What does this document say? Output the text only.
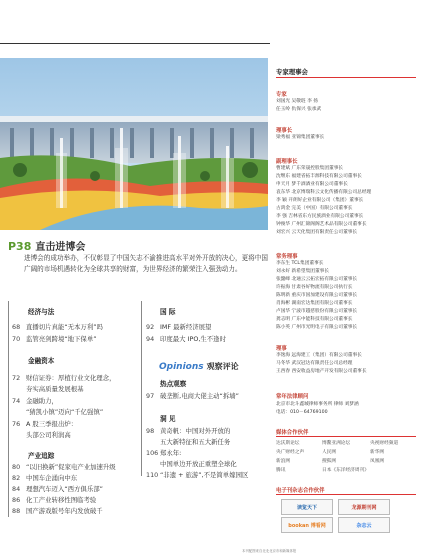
P38 直击进博会
进博会的成功举办，不仅彰显了中国矢志不渝推进高水平对外开放的决心，更将中国广阔的市场机遇转化为全球共享的财富，为世界经济的繁荣注入强劲动力。
经济与法
68 直播切片真能“无本万利”吗
70 监管亮剑跨境“地下保单”
金融资本
72 财信证券：厚植行业文化理念，
夯实高质量发展根基
74 金融助力，
“猜凯小镇”迈向“千亿强镇”
76 A 股三季报出炉：
头部公司利润高
产业追踪
80 “以旧换新”促家电产业加速升级
82 中国车企涌向中东
84 理想汽车迈入“西方俱乐部”
86 化工产业转移性图临考验
88 国产游戏版号年内发放破千
国 际
92 IMF 最新经济展望
94 印度最大 IPO,生不逢时
Opinions 观察评论
热点观察
97 破垄断,电商大佬主动“拆墙”
洞 见
98 黄奇帆：中国对外开放的
五大新特征和五大新任务
106 郑永年:
中国单边开放正重塑全球化
110 “非遗 + 旅游”,不是简单嫁园区
本刊配图来自北北北京市和新媒体报
专家理事会
专家
刘国光 吴敬琏 李 扬
任玉岭 仇保兴 张承武
理事长
梁秀福 亚锦集团董事长
副理事长
曹建斌 广东荣晟控股集团董事长
沈继东 福建省拓丰源科技有限公司董事长
申天月 梦千酒酒业有限公司董事长
袁东华 北京博瑞科云文化传播有限公司总经理
李 颖 开朗好企业有限公司（集团）董事长
古鸿金 完美（中国）有限公司董事长
李 强 吉林省东方民族酒业有限公司董事长
钟俊华 广州汇锦阁阁艺术品有限公司董事长
刘宏兴 云天化集团有限责任公司董事长
常务理事
李东生 TCL集团董事长
刘永好 新希望集团董事长
张懿峰 北通云云拓宏拓有限公司董事长
许振海 甘肃谷好物流有限公司执行长
陈明新 重庆市国加建设有限公司董事长
肖海彬 湖南宏达集团有限公司董事长
卢国华 宁波市越慈股份有限公司董事长
龚志明 广东中能科技有限公司董事长
陈小英 广州市光明电子有限公司董事长
理事
李逸海 远海建工（集团）有限公司董事长
马冬华 武汉冠达有限责任公司总经理
王西春 西安收益房地产开发有限公司董事长
常年法律顾问
北京市北斗鑫城律师事务所 律师 刘梦涵
电话：010－64769100
媒体合作伙伴
达沃斯论坛	博鳌亚洲论坛	央视财经频道
央广财经之声	人民网	新华网
新浪网	搜狐网	凤凰网
腾讯	日本《东洋经济周刊》
电子刊杂志合作伙伴
读览天下	龙源期刊网
bookan 博看网	杂志云
